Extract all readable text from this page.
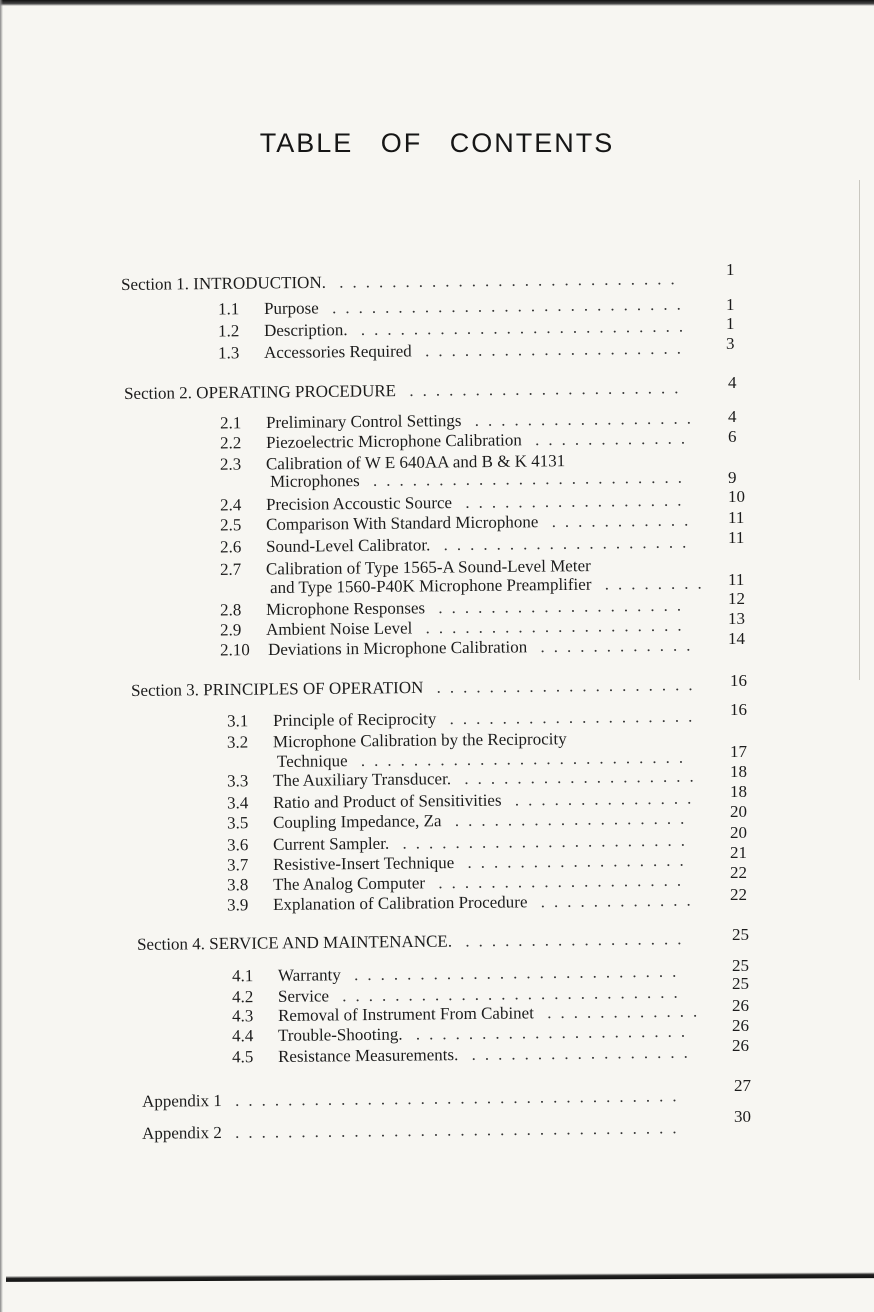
TABLE OF CONTENTS
Section 1. INTRODUCTION. .......................... 1
1.1 Purpose ........................... 1
1.2 Description. ......................... 1
1.3 Accessories Required .................... 3
Section 2. OPERATING PROCEDURE ..................... 4
2.1 Preliminary Control Settings ................. 4
2.2 Piezoelectric Microphone Calibration ............ 6
2.3 Calibration of W E 640AA and B & K 4131
Microphones ........................ 9
2.4 Precision Accoustic Source ................. 10
2.5 Comparison With Standard Microphone ........... 11
2.6 Sound-Level Calibrator. ................... 11
2.7 Calibration of Type 1565-A Sound-Level Meter
and Type 1560-P40K Microphone Preamplifier ........ 11
2.8 Microphone Responses ................... 12
2.9 Ambient Noise Level .................... 13
2.10 Deviations in Microphone Calibration ............ 14
Section 3. PRINCIPLES OF OPERATION .................... 16
3.1 Principle of Reciprocity ................... 16
3.2 Microphone Calibration by the Reciprocity
Technique ......................... 17
3.3 The Auxiliary Transducer. .................. 18
3.4 Ratio and Product of Sensitivities .............. 18
3.5 Coupling Impedance, Za .................. 20
3.6 Current Sampler. ...................... 20
3.7 Resistive-Insert Technique ................. 21
3.8 The Analog Computer ................... 22
3.9 Explanation of Calibration Procedure ............ 22
Section 4. SERVICE AND MAINTENANCE. ................. 25
4.1 Warranty .........................	25
4.2 Service ..........................	25
4.3 Removal of Instrument From Cabinet ............ 26
4.4 Trouble-Shooting. ..................... 26
4.5 Resistance Measurements. ................. 26
Appendix 1 ..................................
27
Appendix 2 ..................................
30
